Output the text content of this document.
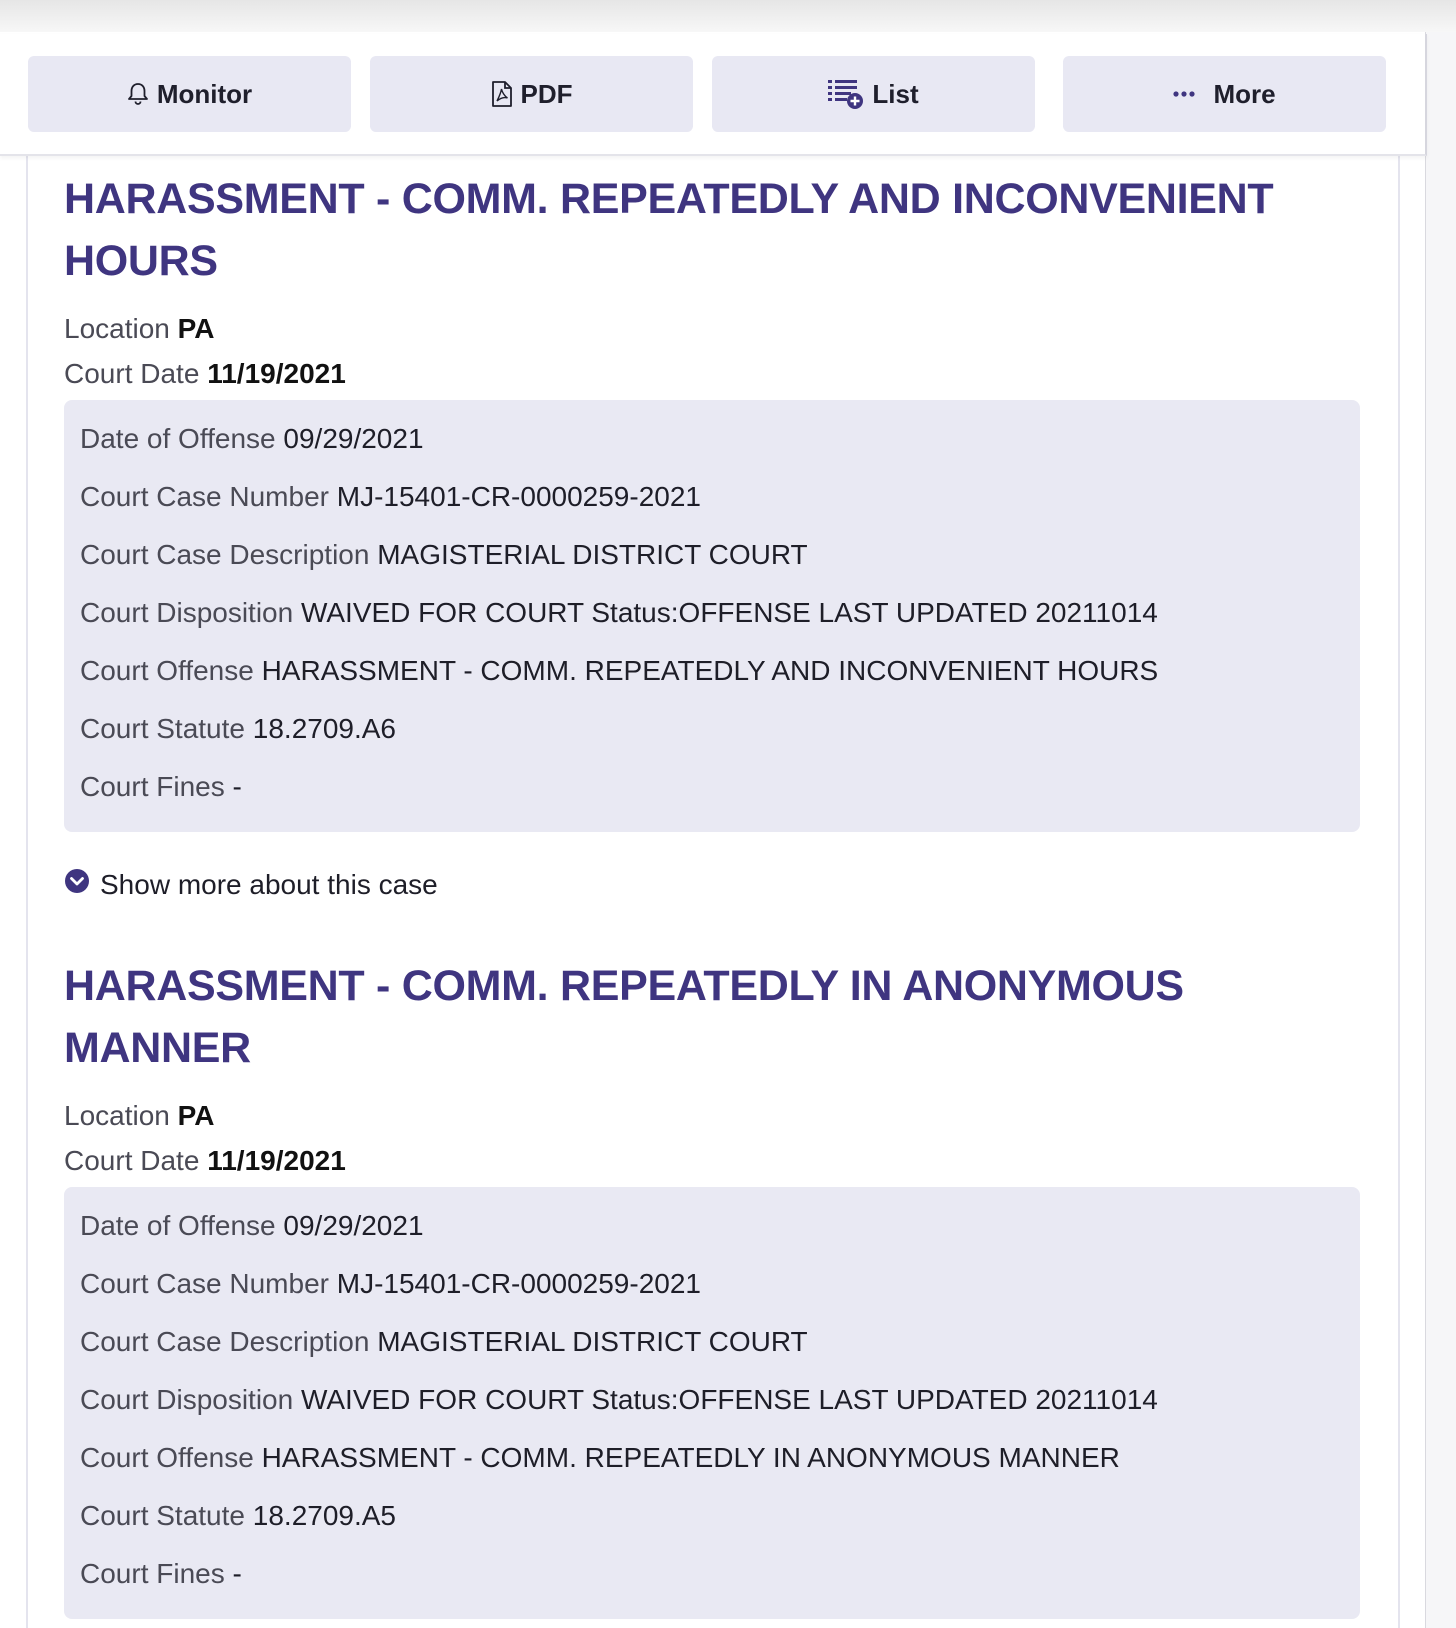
Monitor	PDF	List	More
HARASSMENT - COMM. REPEATEDLY AND INCONVENIENT HOURS
Location PA
Court Date 11/19/2021
Date of Offense 09/29/2021
Court Case Number MJ-15401-CR-0000259-2021
Court Case Description MAGISTERIAL DISTRICT COURT
Court Disposition WAIVED FOR COURT Status:OFFENSE LAST UPDATED 20211014
Court Offense HARASSMENT - COMM. REPEATEDLY AND INCONVENIENT HOURS
Court Statute 18.2709.A6
Court Fines -
Show more about this case
HARASSMENT - COMM. REPEATEDLY IN ANONYMOUS MANNER
Location PA
Court Date 11/19/2021
Date of Offense 09/29/2021
Court Case Number MJ-15401-CR-0000259-2021
Court Case Description MAGISTERIAL DISTRICT COURT
Court Disposition WAIVED FOR COURT Status:OFFENSE LAST UPDATED 20211014
Court Offense HARASSMENT - COMM. REPEATEDLY IN ANONYMOUS MANNER
Court Statute 18.2709.A5
Court Fines -
